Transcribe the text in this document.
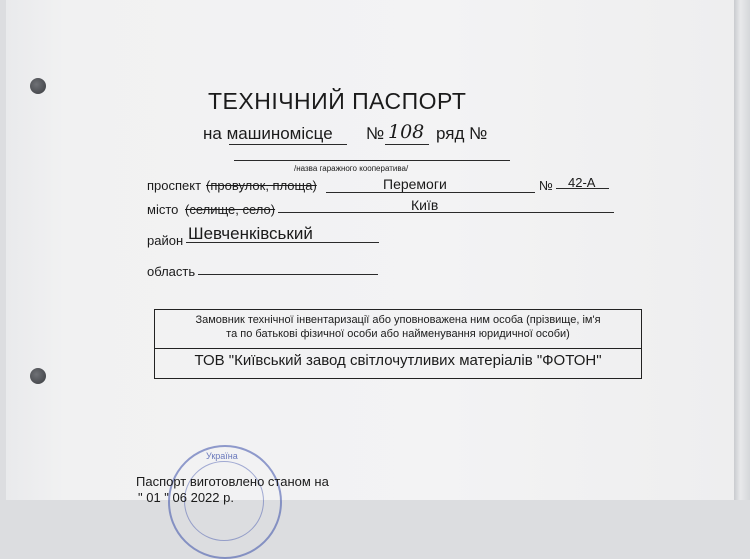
ТЕХНІЧНИЙ ПАСПОРТ
на машиномісце № 108 ряд №
/назва гаражного кооператива/
проспект (провулок, площа)	Перемоги	№ 42-А
місто (селище, село)	Київ
район Шевченківський
область
Замовник технічної інвентаризації або уповноважена ним особа (прізвище, ім'я
та по батькові фізичної особи або найменування юридичної особи)
ТОВ "Київський завод світлочутливих матеріалів "ФОТОН"
Україна
Паспорт виготовлено станом на
" 01 " 06 2022 р.
